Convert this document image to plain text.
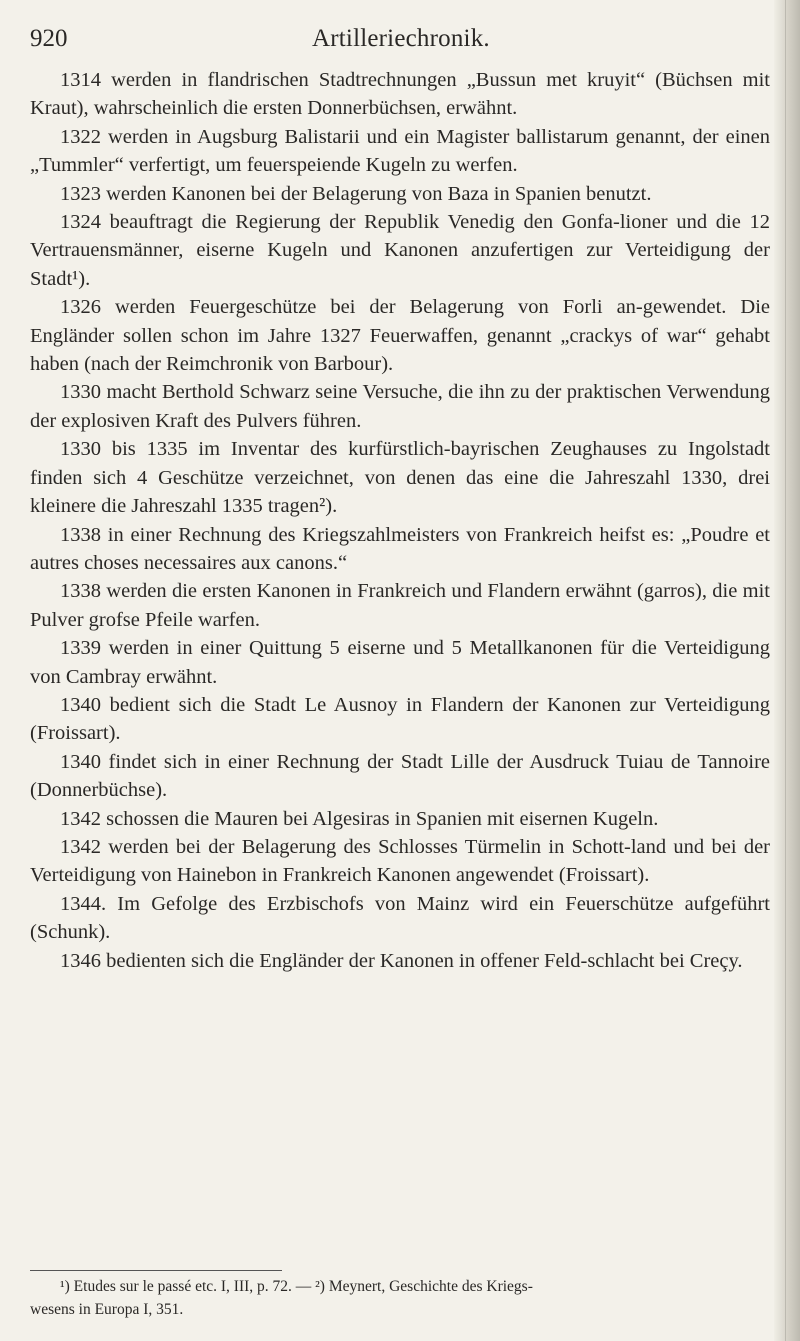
920	Artilleriechronik.

1314 werden in flandrischen Stadtrechnungen „Bussun met kruyit“ (Büchsen mit Kraut), wahrscheinlich die ersten Donnerbüchsen, erwähnt.

1322 werden in Augsburg Balistarii und ein Magister ballistarum genannt, der einen „Tummler“ verfertigt, um feuerspeiende Kugeln zu werfen.

1323 werden Kanonen bei der Belagerung von Baza in Spanien benutzt.

1324 beauftragt die Regierung der Republik Venedig den Gonfa-lioner und die 12 Vertrauensmänner, eiserne Kugeln und Kanonen anzufertigen zur Verteidigung der Stadt¹).

1326 werden Feuergeschütze bei der Belagerung von Forli an-gewendet. Die Engländer sollen schon im Jahre 1327 Feuerwaffen, genannt „crackys of war“ gehabt haben (nach der Reimchronik von Barbour).

1330 macht Berthold Schwarz seine Versuche, die ihn zu der praktischen Verwendung der explosiven Kraft des Pulvers führen.

1330 bis 1335 im Inventar des kurfürstlich-bayrischen Zeughauses zu Ingolstadt finden sich 4 Geschütze verzeichnet, von denen das eine die Jahreszahl 1330, drei kleinere die Jahreszahl 1335 tragen²).

1338 in einer Rechnung des Kriegszahlmeisters von Frankreich heifst es: „Poudre et autres choses necessaires aux canons.“

1338 werden die ersten Kanonen in Frankreich und Flandern erwähnt (garros), die mit Pulver grofse Pfeile warfen.

1339 werden in einer Quittung 5 eiserne und 5 Metallkanonen für die Verteidigung von Cambray erwähnt.

1340 bedient sich die Stadt Le Ausnoy in Flandern der Kanonen zur Verteidigung (Froissart).

1340 findet sich in einer Rechnung der Stadt Lille der Ausdruck Tuiau de Tannoire (Donnerbüchse).

1342 schossen die Mauren bei Algesiras in Spanien mit eisernen Kugeln.

1342 werden bei der Belagerung des Schlosses Türmelin in Schott-land und bei der Verteidigung von Hainebon in Frankreich Kanonen angewendet (Froissart).

1344. Im Gefolge des Erzbischofs von Mainz wird ein Feuerschütze aufgeführt (Schunk).

1346 bedienten sich die Engländer der Kanonen in offener Feld-schlacht bei Creçy.

¹) Etudes sur le passé etc. I, III, p. 72. — ²) Meynert, Geschichte des Kriegs-
wesens in Europa I, 351.
